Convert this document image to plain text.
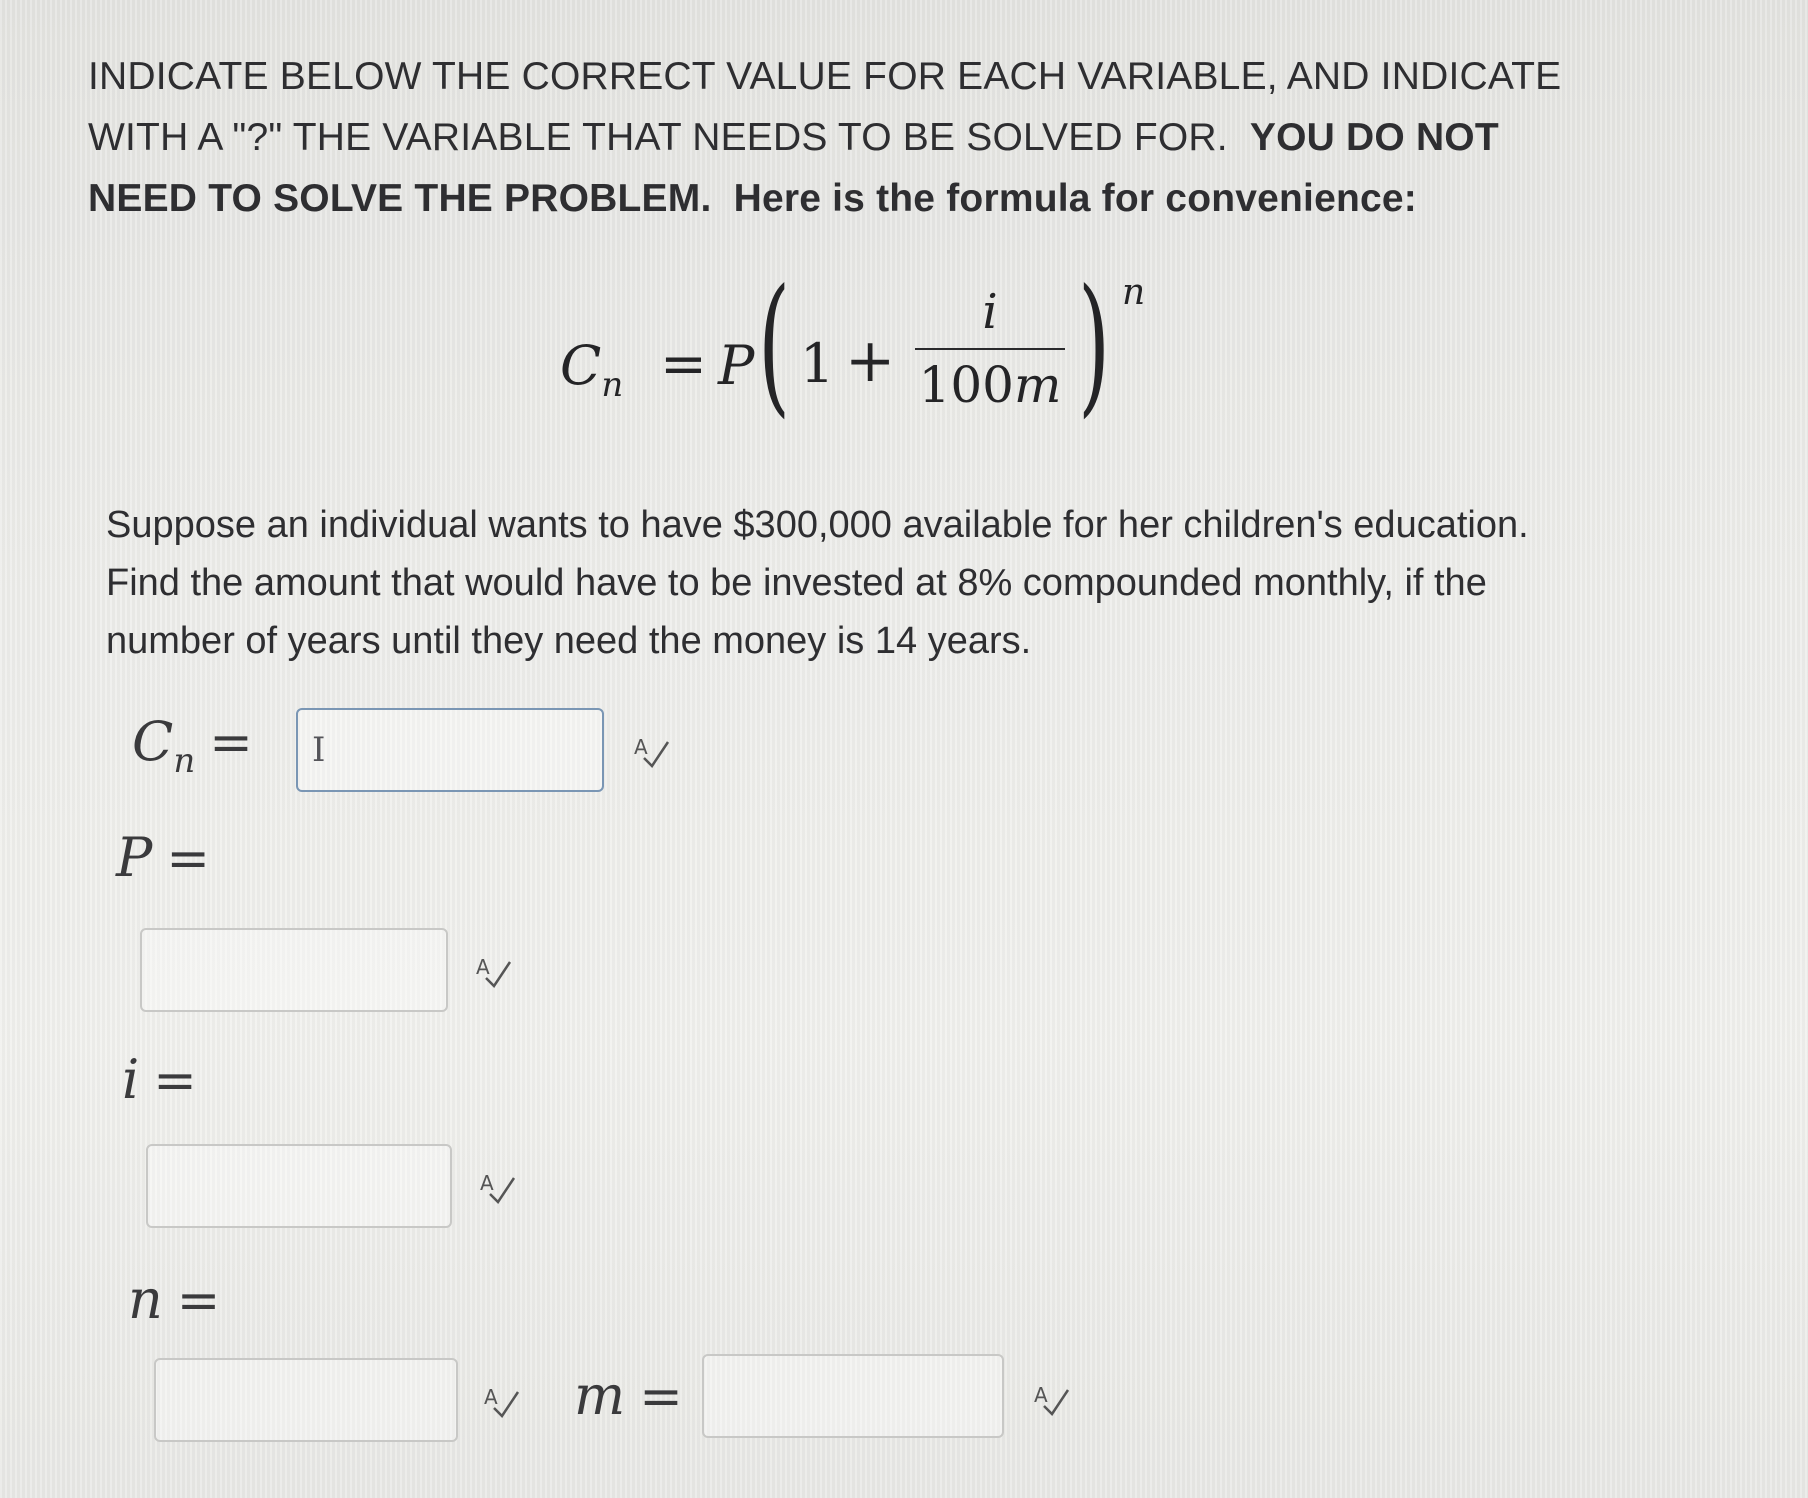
INDICATE BELOW THE CORRECT VALUE FOR EACH VARIABLE, AND INDICATE
WITH A "?" THE VARIABLE THAT NEEDS TO BE SOLVED FOR. YOU DO NOT
NEED TO SOLVE THE PROBLEM. Here is the formula for convenience:

$C_n = P$ ( 1 +
i
100m ) n

Suppose an individual wants to have $300,000 available for her children's education.
Find the amount that would have to be invested at 8% compounded monthly, if the
number of years until they need the money is 14 years.

$C_n = I$	A
P =
A
i =
A
n =
A m =	A
